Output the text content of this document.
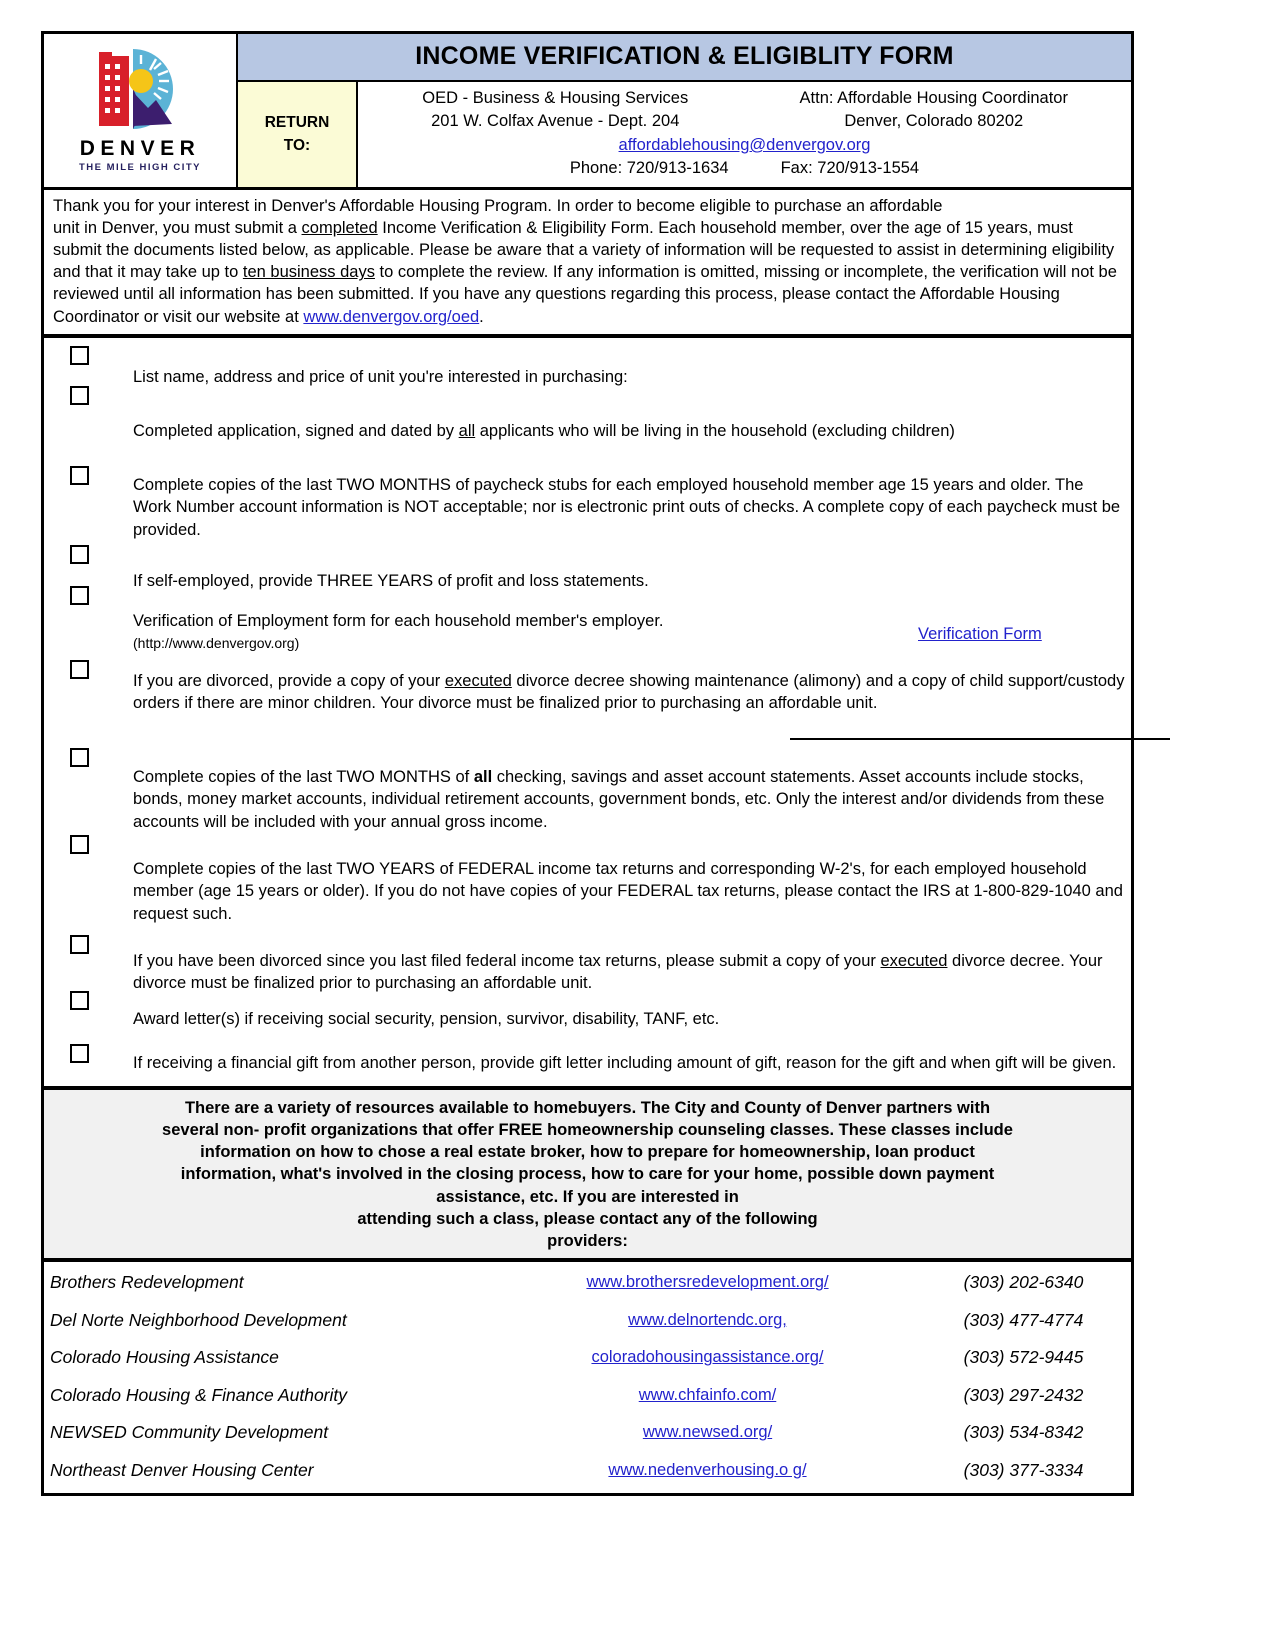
DENVER
THE MILE HIGH CITY
INCOME VERIFICATION & ELIGIBLITY FORM
RETURN
TO:
OED - Business & Housing Services	Attn: Affordable Housing Coordinator
201 W. Colfax Avenue - Dept. 204	Denver, Colorado 80202
affordablehousing@denvergov.org
Phone: 720/913-1634	Fax: 720/913-1554

Thank you for your interest in Denver's Affordable Housing Program. In order to become eligible to purchase an affordable

unit in Denver, you must submit a completed Income Verification & Eligibility Form. Each household member, over the age of 15 years, must submit the documents listed below, as applicable. Please be aware that a variety of information will be requested to assist in determining eligibility and that it may take up to ten business days to complete the review. If any information is omitted, missing or incomplete, the verification will not be reviewed until all information has been submitted. If you have any questions regarding this process, please contact the Affordable Housing Coordinator or visit our website at www.denvergov.org/oed.

List name, address and price of unit you're interested in purchasing:
Completed application, signed and dated by all applicants who will be living in the household (excluding children)
Complete copies of the last TWO MONTHS of paycheck stubs for each employed household member age 15 years and older. The Work Number account information is NOT acceptable; nor is electronic print outs of checks. A complete copy of each paycheck must be provided.
If self-employed, provide THREE YEARS of profit and loss statements.
Verification of Employment form for each household member's employer.
(http://www.denvergov.org)
Verification Form
If you are divorced, provide a copy of your executed divorce decree showing maintenance (alimony) and a copy of child support/custody orders if there are minor children. Your divorce must be finalized prior to purchasing an affordable unit.
Complete copies of the last TWO MONTHS of all checking, savings and asset account statements. Asset accounts include stocks, bonds, money market accounts, individual retirement accounts, government bonds, etc. Only the interest and/or dividends from these accounts will be included with your annual gross income.
Complete copies of the last TWO YEARS of FEDERAL income tax returns and corresponding W-2's, for each employed household member (age 15 years or older). If you do not have copies of your FEDERAL tax returns, please contact the IRS at 1-800-829-1040 and request such.
If you have been divorced since you last filed federal income tax returns, please submit a copy of your executed divorce decree. Your divorce must be finalized prior to purchasing an affordable unit.
Award letter(s) if receiving social security, pension, survivor, disability, TANF, etc.
If receiving a financial gift from another person, provide gift letter including amount of gift, reason for the gift and when gift will be given.

There are a variety of resources available to homebuyers. The City and County of Denver partners with

several non- profit organizations that offer FREE homeownership counseling classes. These classes include

information on how to chose a real estate broker, how to prepare for homeownership, loan product

information, what's involved in the closing process, how to care for your home, possible down payment

assistance, etc. If you are interested in

attending such a class, please contact any of the following

providers:

Brothers Redevelopment	www.brothersredevelopment.org/	(303) 202-6340
Del Norte Neighborhood Development	www.delnortendc.org,	(303) 477-4774
Colorado Housing Assistance	coloradohousingassistance.org/	(303) 572-9445
Colorado Housing & Finance Authority	www.chfainfo.com/	(303) 297-2432
NEWSED Community Development	www.newsed.org/	(303) 534-8342
Northeast Denver Housing Center	www.nedenverhousing.o g/	(303) 377-3334
